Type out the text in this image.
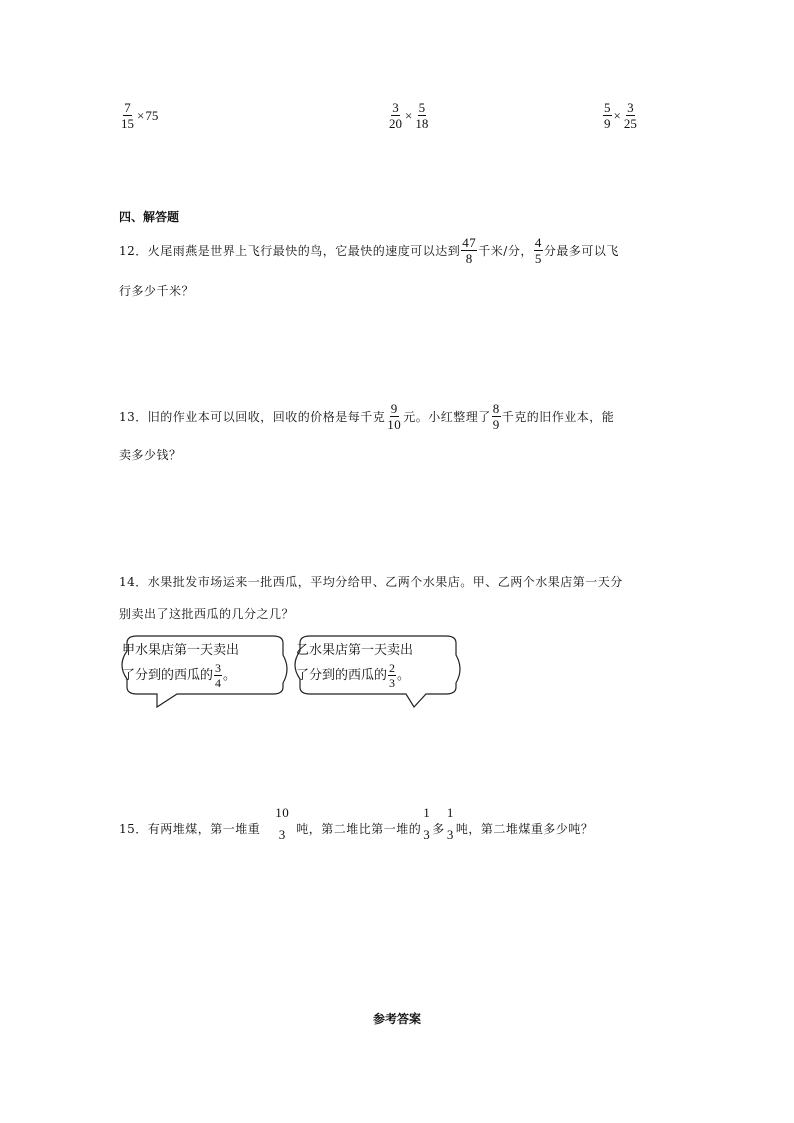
$\frac{7}{15} \times 75$	$\frac{3}{20} \times \frac{5}{18}$	$\frac{5}{9} \times \frac{3}{25}$
四、解答题
12．火尾雨燕是世界上飞行最快的鸟，它最快的速度可以达到 $\frac{47}{8}$ 千米/分， $\frac{4}{5}$ 分最多可以飞
行多少千米？
13．旧的作业本可以回收，回收的价格是每千克 $\frac{9}{10}$ 元。小红整理了 $\frac{8}{9}$ 千克的旧作业本，能
卖多少钱？
14．水果批发市场运来一批西瓜，平均分给甲、乙两个水果店。甲、乙两个水果店第一天分
别卖出了这批西瓜的几分之几？
甲水果店第一天卖出
了分到的西瓜的 $\frac{3}{4}$ 。
乙水果店第一天卖出
了分到的西瓜的 $\frac{2}{3}$ 。
15．有两堆煤，第一堆重
10
3 吨，第二堆比第一堆的
1
3 多
1
3 吨，第二堆煤重多少吨？
参考答案
